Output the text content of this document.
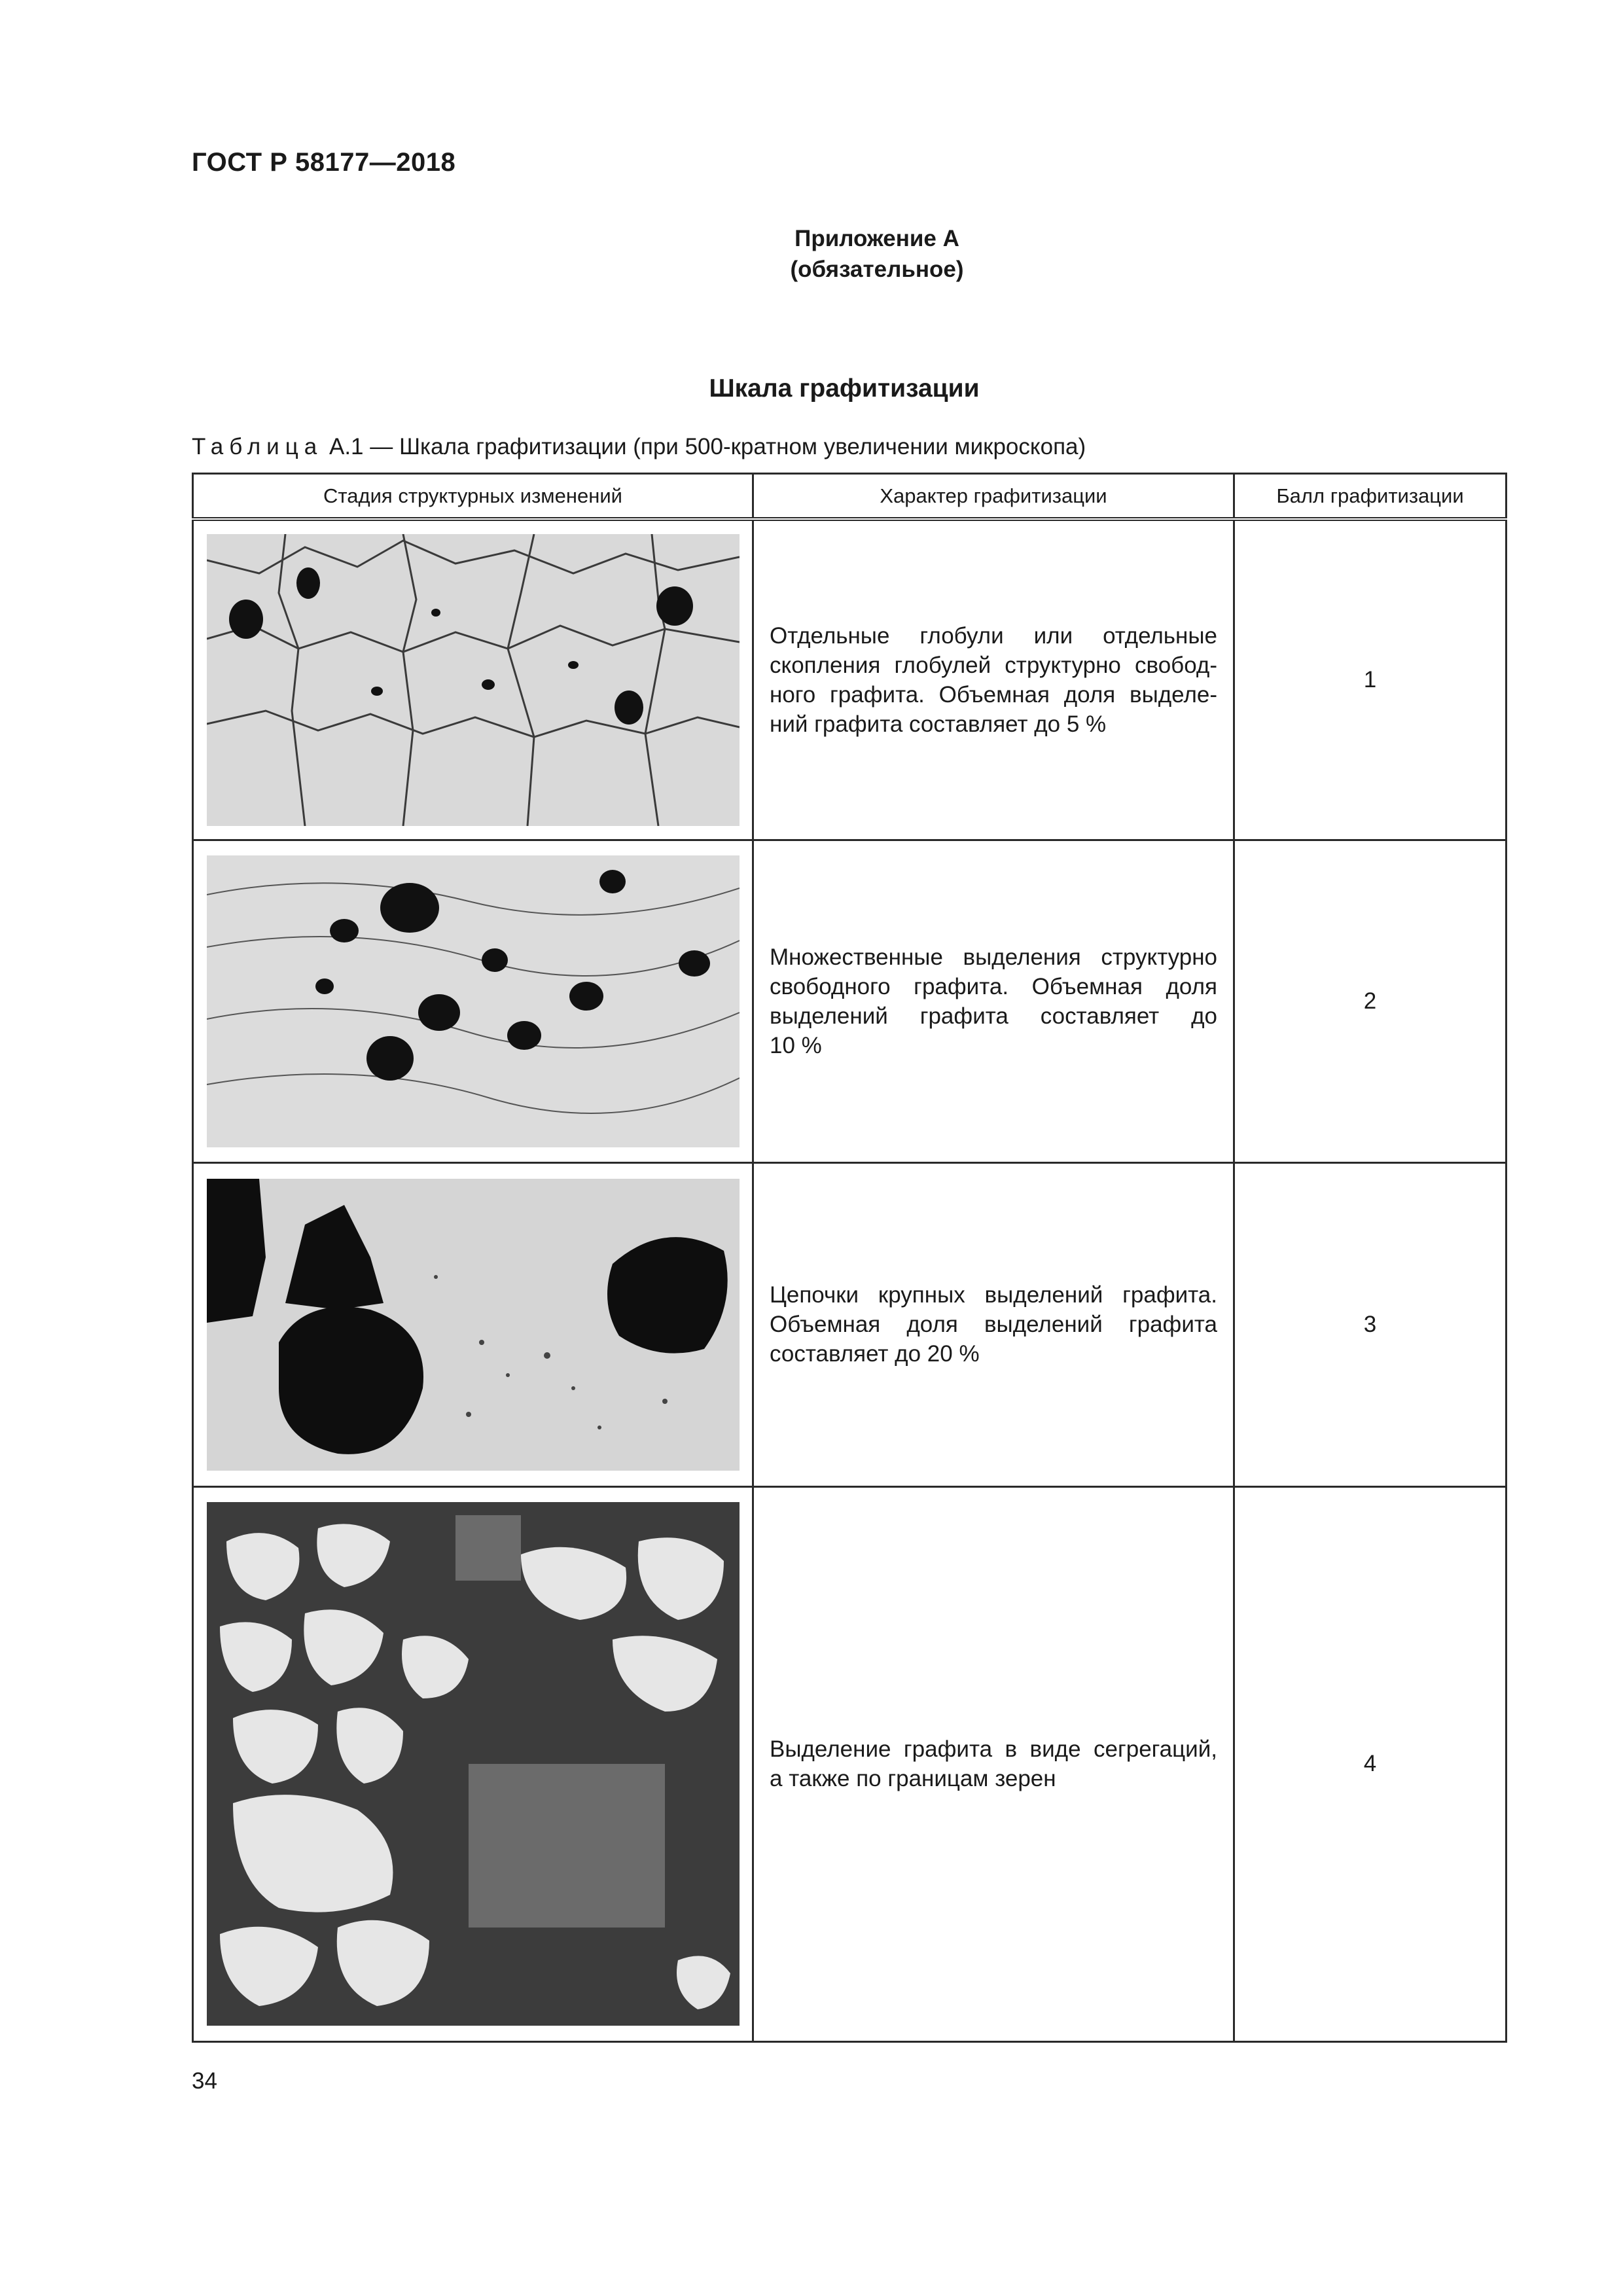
ГОСТ Р 58177—2018
Приложение А
(обязательное)
Шкала графитизации
Таблица А.1 — Шкала графитизации (при 500-кратном увеличении микроскопа)
Стадия структурных изменений	Характер графитизации	Балл графитизации

Отдельные глобули или отдельные
скопления глобулей структурно свобод-
ного графита. Объемная доля выделе-
ний графита составляет до 5 %	1

Множественные выделения структурно
свободного графита. Объемная доля
выделений графита составляет до
10 %	2

Цепочки крупных выделений графита.
Объемная доля выделений графита
составляет до 20 %	3

Выделение графита в виде сегрегаций,
а также по границам зерен	4
34
